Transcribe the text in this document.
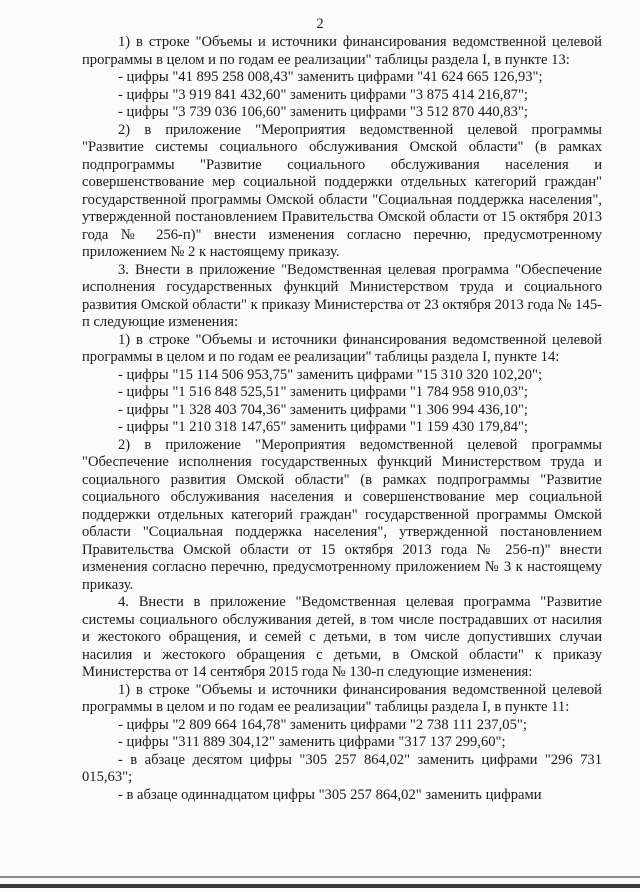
2

1) в строке "Объемы и источники финансирования ведомственной целевой программы в целом и по годам ее реализации" таблицы раздела I, в пункте 13:

- цифры "41 895 258 008,43" заменить цифрами "41 624 665 126,93";

- цифры "3 919 841 432,60" заменить цифрами "3 875 414 216,87";

- цифры "3 739 036 106,60" заменить цифрами "3 512 870 440,83";

2) в приложение "Мероприятия ведомственной целевой программы "Развитие системы социального обслуживания Омской области" (в рамках подпрограммы "Развитие социального обслуживания населения и совершенствование мер социальной поддержки отдельных категорий граждан" государственной программы Омской области "Социальная поддержка населения", утвержденной постановлением Правительства Омской области от 15 октября 2013 года № 256-п)" внести изменения согласно перечню, предусмотренному приложением № 2 к настоящему приказу.

3. Внести в приложение "Ведомственная целевая программа "Обеспечение исполнения государственных функций Министерством труда и социального развития Омской области" к приказу Министерства от 23 октября 2013 года № 145-п следующие изменения:

1) в строке "Объемы и источники финансирования ведомственной целевой программы в целом и по годам ее реализации" таблицы раздела I, пункте 14:

- цифры "15 114 506 953,75" заменить цифрами "15 310 320 102,20";

- цифры "1 516 848 525,51" заменить цифрами "1 784 958 910,03";

- цифры "1 328 403 704,36" заменить цифрами "1 306 994 436,10";

- цифры "1 210 318 147,65" заменить цифрами "1 159 430 179,84";

2) в приложение "Мероприятия ведомственной целевой программы "Обеспечение исполнения государственных функций Министерством труда и социального развития Омской области" (в рамках подпрограммы "Развитие социального обслуживания населения и совершенствование мер социальной поддержки отдельных категорий граждан" государственной программы Омской области "Социальная поддержка населения", утвержденной постановлением Правительства Омской области от 15 октября 2013 года № 256-п)" внести изменения согласно перечню, предусмотренному приложением № 3 к настоящему приказу.

4. Внести в приложение "Ведомственная целевая программа "Развитие системы социального обслуживания детей, в том числе пострадавших от насилия и жестокого обращения, и семей с детьми, в том числе допустивших случаи насилия и жестокого обращения с детьми, в Омской области" к приказу Министерства от 14 сентября 2015 года № 130-п следующие изменения:

1) в строке "Объемы и источники финансирования ведомственной целевой программы в целом и по годам ее реализации" таблицы раздела I, в пункте 11:

- цифры "2 809 664 164,78" заменить цифрами "2 738 111 237,05";

- цифры "311 889 304,12" заменить цифрами "317 137 299,60";

- в абзаце десятом цифры "305 257 864,02" заменить цифрами "296 731 015,63";

- в абзаце одиннадцатом цифры "305 257 864,02" заменить цифрами
